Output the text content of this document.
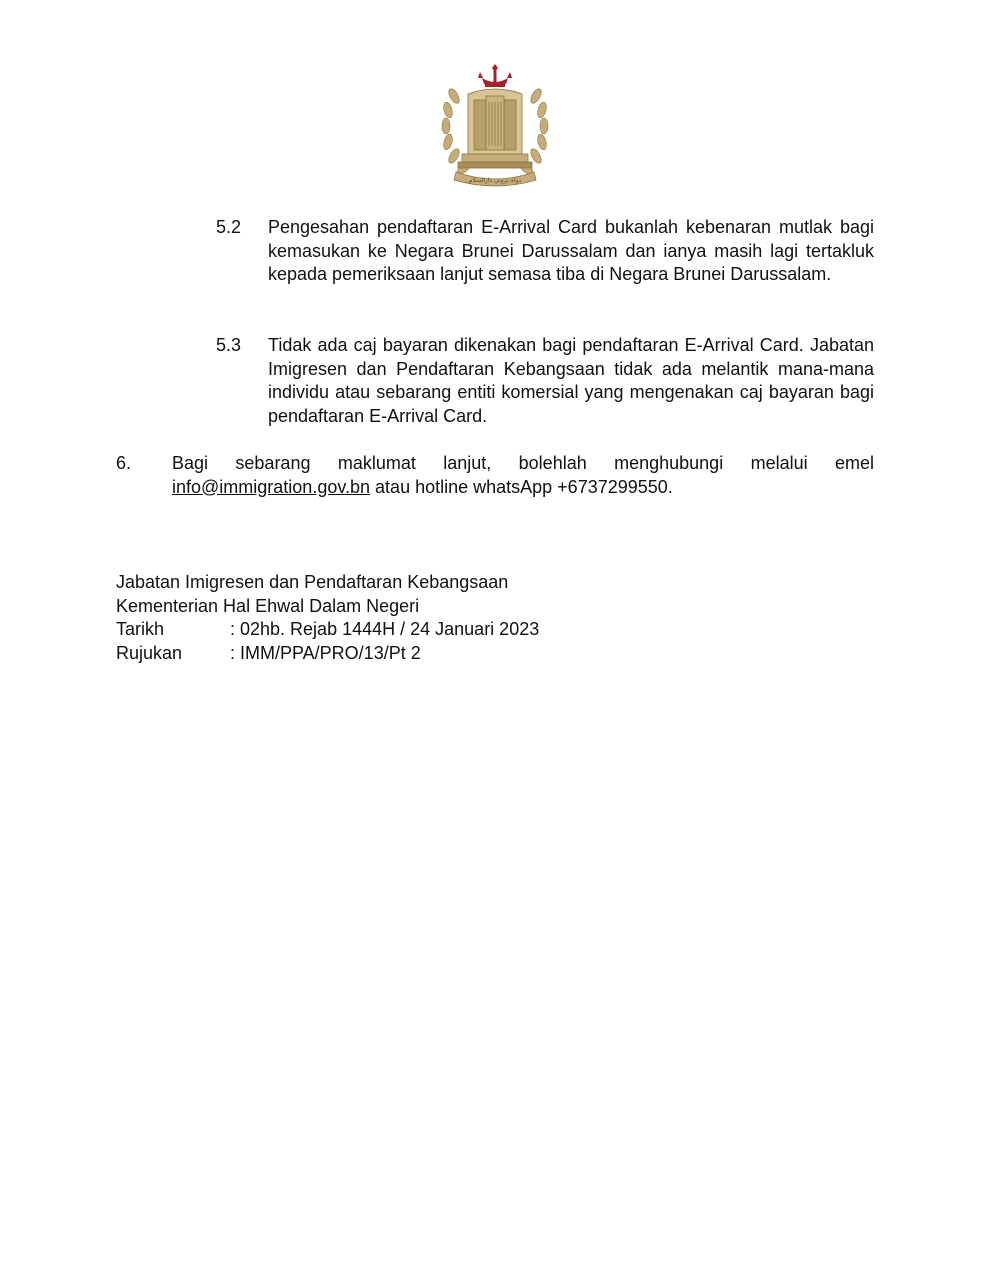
دولة بروني دارالسلام
5.2 Pengesahan pendaftaran E-Arrival Card bukanlah kebenaran mutlak bagi kemasukan ke Negara Brunei Darussalam dan ianya masih lagi tertakluk kepada pemeriksaan lanjut semasa tiba di Negara Brunei Darussalam.
5.3 Tidak ada caj bayaran dikenakan bagi pendaftaran E-Arrival Card. Jabatan Imigresen dan Pendaftaran Kebangsaan tidak ada melantik mana-mana individu atau sebarang entiti komersial yang mengenakan caj bayaran bagi pendaftaran E-Arrival Card.
6. Bagi sebarang maklumat lanjut, bolehlah menghubungi melalui emel info@immigration.gov.bn atau hotline whatsApp +6737299550.
Jabatan Imigresen dan Pendaftaran Kebangsaan
Kementerian Hal Ehwal Dalam Negeri
Tarikh	: 02hb. Rejab 1444H / 24 Januari 2023
Rujukan	: IMM/PPA/PRO/13/Pt 2
